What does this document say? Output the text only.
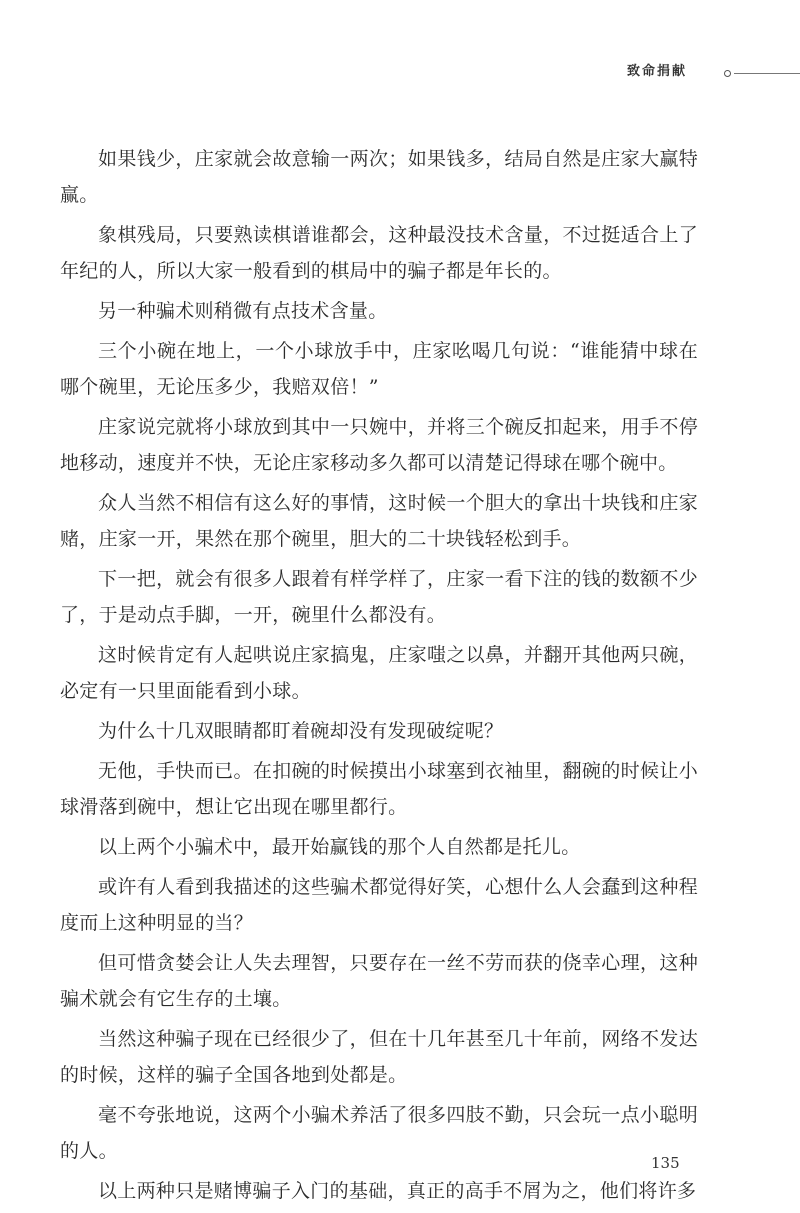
致命捐献

如果钱少，庄家就会故意输一两次；如果钱多，结局自然是庄家大赢特赢。

象棋残局，只要熟读棋谱谁都会，这种最没技术含量，不过挺适合上了年纪的人，所以大家一般看到的棋局中的骗子都是年长的。

另一种骗术则稍微有点技术含量。

三个小碗在地上，一个小球放手中，庄家吆喝几句说：“谁能猜中球在哪个碗里，无论压多少，我赔双倍！”

庄家说完就将小球放到其中一只婉中，并将三个碗反扣起来，用手不停地移动，速度并不快，无论庄家移动多久都可以清楚记得球在哪个碗中。

众人当然不相信有这么好的事情，这时候一个胆大的拿出十块钱和庄家赌，庄家一开，果然在那个碗里，胆大的二十块钱轻松到手。

下一把，就会有很多人跟着有样学样了，庄家一看下注的钱的数额不少了，于是动点手脚，一开，碗里什么都没有。

这时候肯定有人起哄说庄家搞鬼，庄家嗤之以鼻，并翻开其他两只碗，必定有一只里面能看到小球。

为什么十几双眼睛都盯着碗却没有发现破绽呢？

无他，手快而已。在扣碗的时候摸出小球塞到衣袖里，翻碗的时候让小球滑落到碗中，想让它出现在哪里都行。

以上两个小骗术中，最开始赢钱的那个人自然都是托儿。

或许有人看到我描述的这些骗术都觉得好笑，心想什么人会蠢到这种程度而上这种明显的当？

但可惜贪婪会让人失去理智，只要存在一丝不劳而获的侥幸心理，这种骗术就会有它生存的土壤。

当然这种骗子现在已经很少了，但在十几年甚至几十年前，网络不发达的时候，这样的骗子全国各地到处都是。

毫不夸张地说，这两个小骗术养活了很多四肢不勤，只会玩一点小聪明的人。

以上两种只是赌博骗子入门的基础，真正的高手不屑为之，他们将许多

135
